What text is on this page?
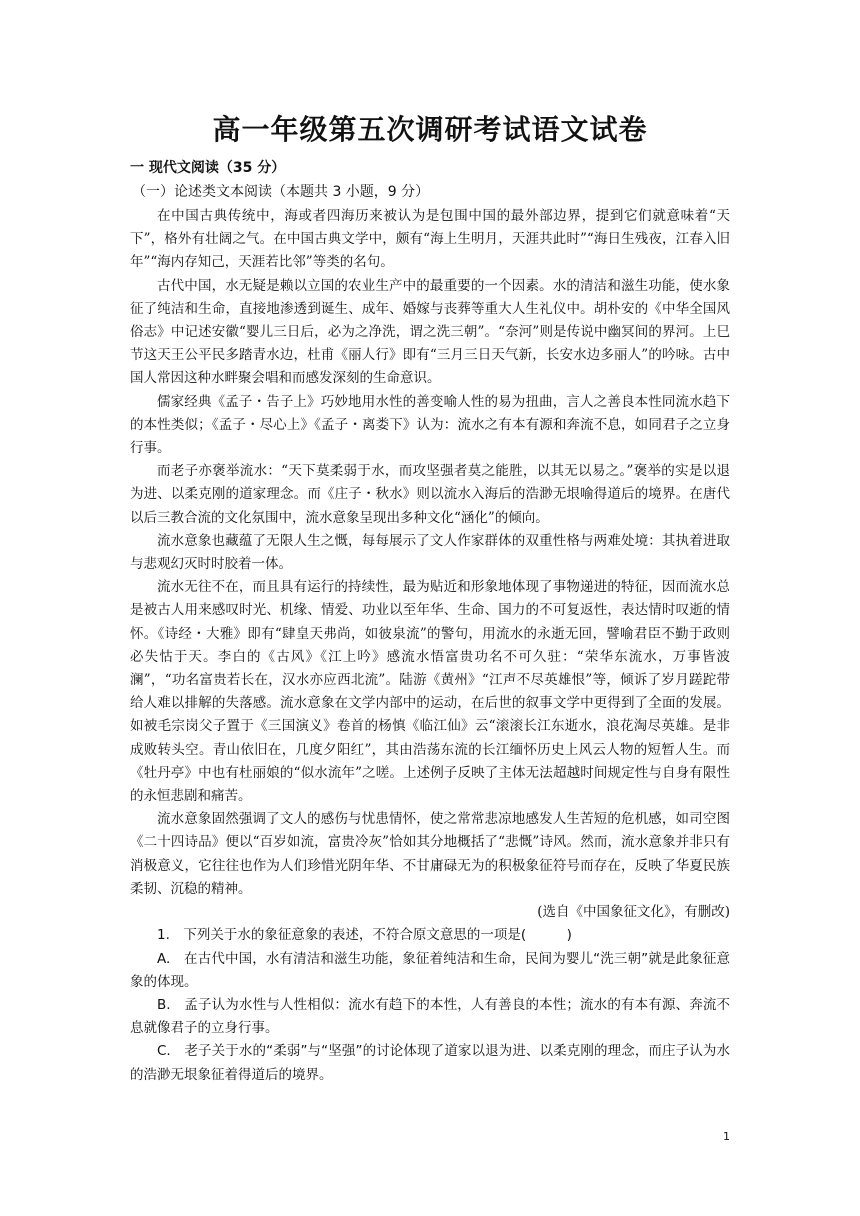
高一年级第五次调研考试语文试卷
一 现代文阅读（35 分）
（一）论述类文本阅读（本题共 3 小题，9 分）

在中国古典传统中，海或者四海历来被认为是包围中国的最外部边界，提到它们就意味着“天下”，格外有壮阔之气。在中国古典文学中，颇有“海上生明月，天涯共此时”“海日生残夜，江春入旧年”“海内存知己，天涯若比邻”等类的名句。

古代中国，水无疑是赖以立国的农业生产中的最重要的一个因素。水的清洁和滋生功能，使水象征了纯洁和生命，直接地渗透到诞生、成年、婚嫁与丧葬等重大人生礼仪中。胡朴安的《中华全国风俗志》中记述安徽“婴儿三日后，必为之净洗，谓之洗三朝”。“奈河”则是传说中幽冥间的界河。上巳节这天王公平民多踏青水边，杜甫《丽人行》即有“三月三日天气新，长安水边多丽人”的吟咏。古中国人常因这种水畔聚会唱和而感发深刻的生命意识。

儒家经典《孟子・告子上》巧妙地用水性的善变喻人性的易为扭曲，言人之善良本性同流水趋下的本性类似；《孟子・尽心上》《孟子・离娄下》认为：流水之有本有源和奔流不息，如同君子之立身行事。

而老子亦褒举流水：“天下莫柔弱于水，而攻坚强者莫之能胜，以其无以易之。”褒举的实是以退为进、以柔克刚的道家理念。而《庄子・秋水》则以流水入海后的浩渺无垠喻得道后的境界。在唐代以后三教合流的文化氛围中，流水意象呈现出多种文化“涵化”的倾向。

流水意象也藏蕴了无限人生之慨，每每展示了文人作家群体的双重性格与两难处境：其执着进取与悲观幻灭时时胶着一体。

流水无往不在，而且具有运行的持续性，最为贴近和形象地体现了事物递进的特征，因而流水总是被古人用来感叹时光、机缘、情爱、功业以至年华、生命、国力的不可复返性，表达情时叹逝的情怀。《诗经・大雅》即有“肆皇天弗尚，如彼泉流”的警句，用流水的永逝无回，譬喻君臣不勤于政则必失怙于天。李白的《古风》《江上吟》感流水悟富贵功名不可久驻：“荣华东流水，万事皆波澜”，“功名富贵若长在，汉水亦应西北流”。陆游《黄州》“江声不尽英雄恨”等，倾诉了岁月蹉跎带给人难以排解的失落感。流水意象在文学内部中的运动，在后世的叙事文学中更得到了全面的发展。如被毛宗岗父子置于《三国演义》卷首的杨慎《临江仙》云“滚滚长江东逝水，浪花淘尽英雄。是非成败转头空。青山依旧在，几度夕阳红”，其由浩荡东流的长江缅怀历史上风云人物的短暂人生。而《牡丹亭》中也有杜丽娘的“似水流年”之嗟。上述例子反映了主体无法超越时间规定性与自身有限性的永恒悲剧和痛苦。

流水意象固然强调了文人的感伤与忧患情怀，使之常常悲凉地感发人生苦短的危机感，如司空图《二十四诗品》便以“百岁如流，富贵冷灰”恰如其分地概括了“悲慨”诗风。然而，流水意象并非只有消极意义，它往往也作为人们珍惜光阴年华、不甘庸碌无为的积极象征符号而存在，反映了华夏民族柔韧、沉稳的精神。

(选自《中国象征文化》，有删改)

1.　下列关于水的象征意象的表述，不符合原文意思的一项是(　　　)

A.　在古代中国，水有清洁和滋生功能，象征着纯洁和生命，民间为婴儿“洗三朝”就是此象征意象的体现。

B.　孟子认为水性与人性相似：流水有趋下的本性，人有善良的本性；流水的有本有源、奔流不息就像君子的立身行事。

C.　老子关于水的“柔弱”与“坚强”的讨论体现了道家以退为进、以柔克刚的理念，而庄子认为水的浩渺无垠象征着得道后的境界。

1
